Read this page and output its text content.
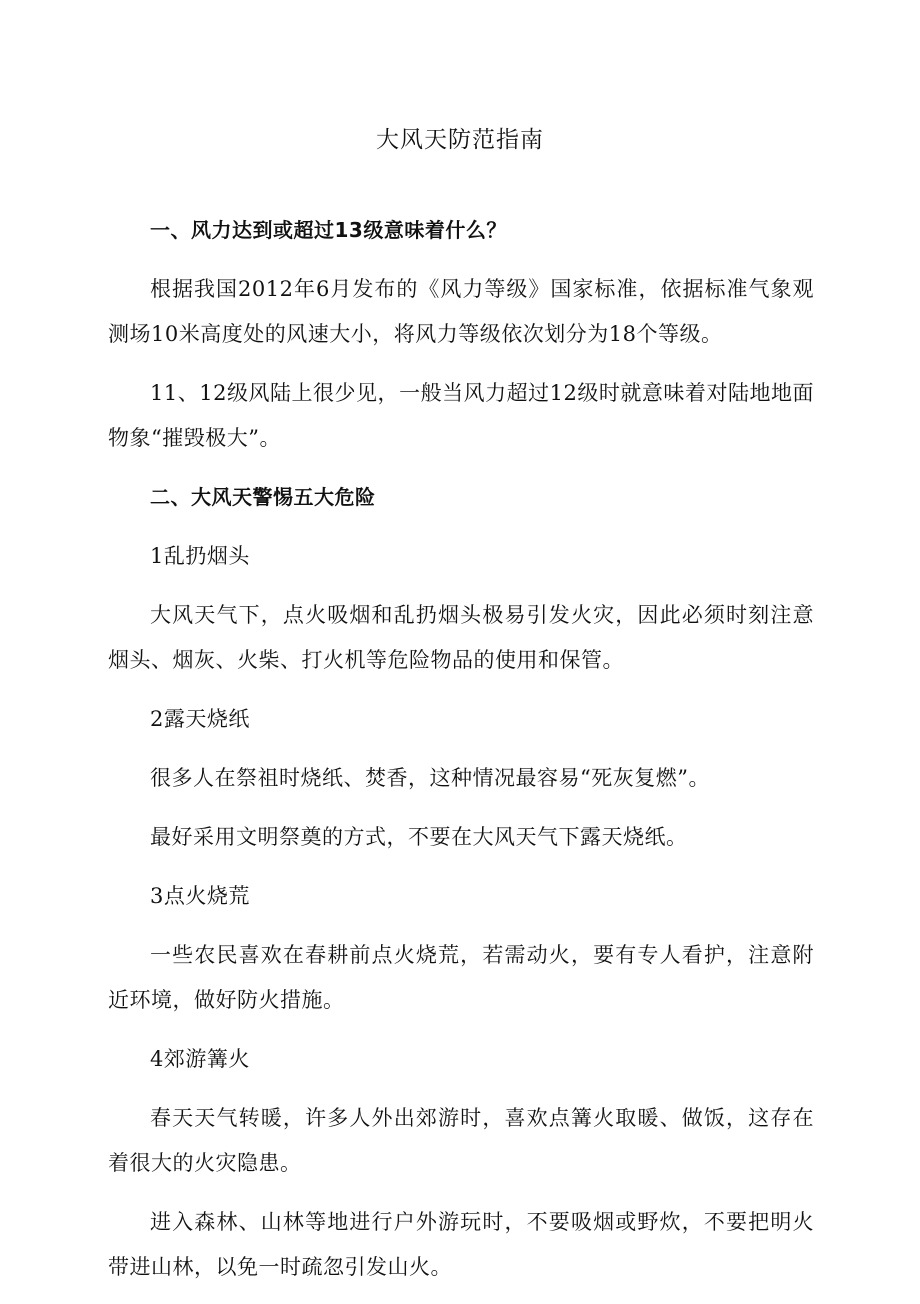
大风天防范指南

一、风力达到或超过13级意味着什么？

根据我国2012年6月发布的《风力等级》国家标准，依据标准气象观测场10米高度处的风速大小，将风力等级依次划分为18个等级。

11、12级风陆上很少见，一般当风力超过12级时就意味着对陆地地面物象“摧毁极大”。

二、大风天警惕五大危险

1乱扔烟头

大风天气下，点火吸烟和乱扔烟头极易引发火灾，因此必须时刻注意烟头、烟灰、火柴、打火机等危险物品的使用和保管。

2露天烧纸

很多人在祭祖时烧纸、焚香，这种情况最容易“死灰复燃”。

最好采用文明祭奠的方式，不要在大风天气下露天烧纸。

3点火烧荒

一些农民喜欢在春耕前点火烧荒，若需动火，要有专人看护，注意附近环境，做好防火措施。

4郊游篝火

春天天气转暖，许多人外出郊游时，喜欢点篝火取暖、做饭，这存在着很大的火灾隐患。

进入森林、山林等地进行户外游玩时，不要吸烟或野炊，不要把明火带进山林，以免一时疏忽引发山火。
